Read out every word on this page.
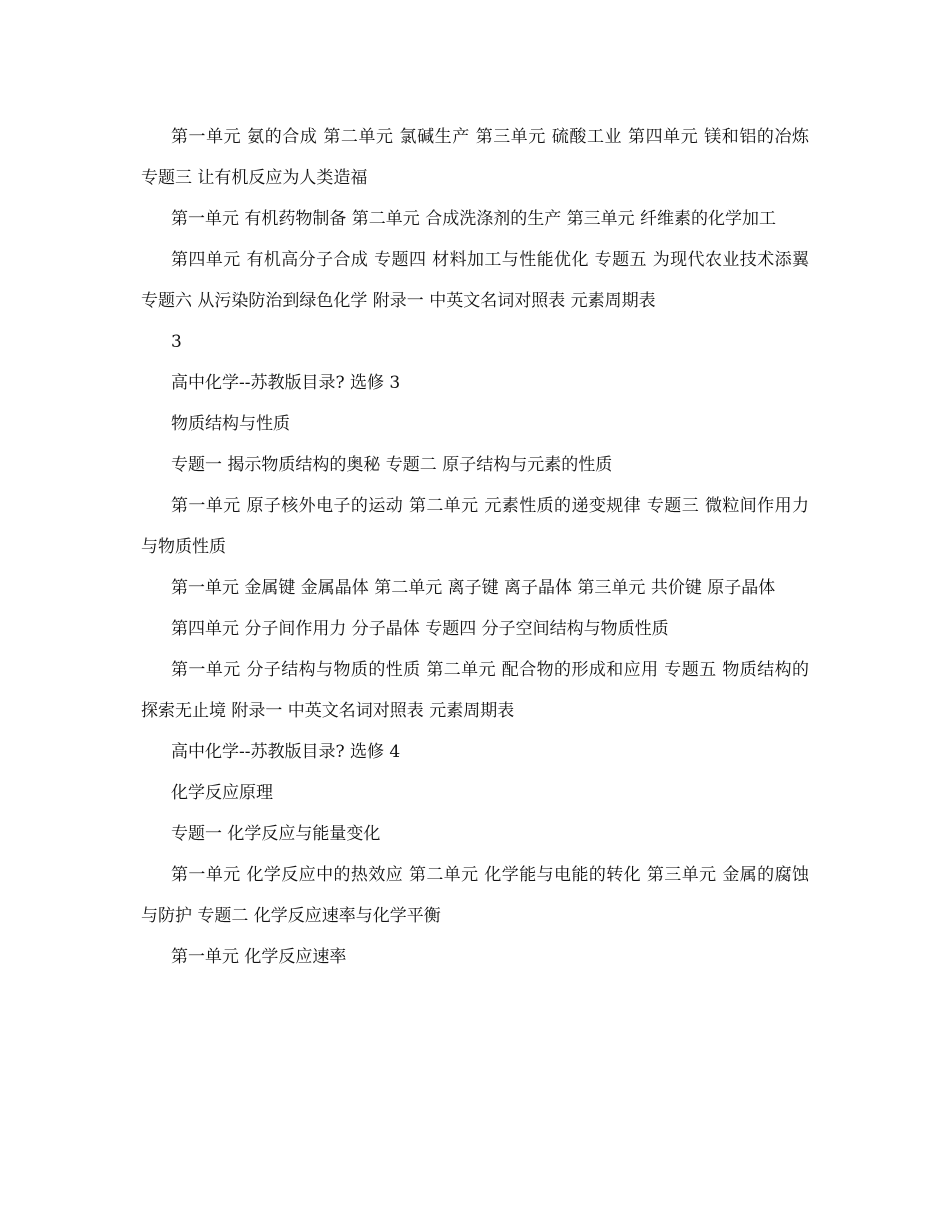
第一单元 氨的合成 第二单元 氯碱生产 第三单元 硫酸工业 第四单元 镁和铝的冶炼 专题三 让有机反应为人类造福

第一单元 有机药物制备 第二单元 合成洗涤剂的生产 第三单元 纤维素的化学加工

第四单元 有机高分子合成 专题四 材料加工与性能优化 专题五 为现代农业技术添翼 专题六 从污染防治到绿色化学 附录一 中英文名词对照表 元素周期表

3

高中化学--苏教版目录? 选修 3

物质结构与性质

专题一 揭示物质结构的奥秘 专题二 原子结构与元素的性质

第一单元 原子核外电子的运动 第二单元 元素性质的递变规律 专题三 微粒间作用力与物质性质

第一单元 金属键 金属晶体 第二单元 离子键 离子晶体 第三单元 共价键 原子晶体

第四单元 分子间作用力 分子晶体 专题四 分子空间结构与物质性质

第一单元 分子结构与物质的性质 第二单元 配合物的形成和应用 专题五 物质结构的探索无止境 附录一 中英文名词对照表 元素周期表

高中化学--苏教版目录? 选修 4

化学反应原理

专题一 化学反应与能量变化

第一单元 化学反应中的热效应 第二单元 化学能与电能的转化 第三单元 金属的腐蚀与防护 专题二 化学反应速率与化学平衡

第一单元 化学反应速率
